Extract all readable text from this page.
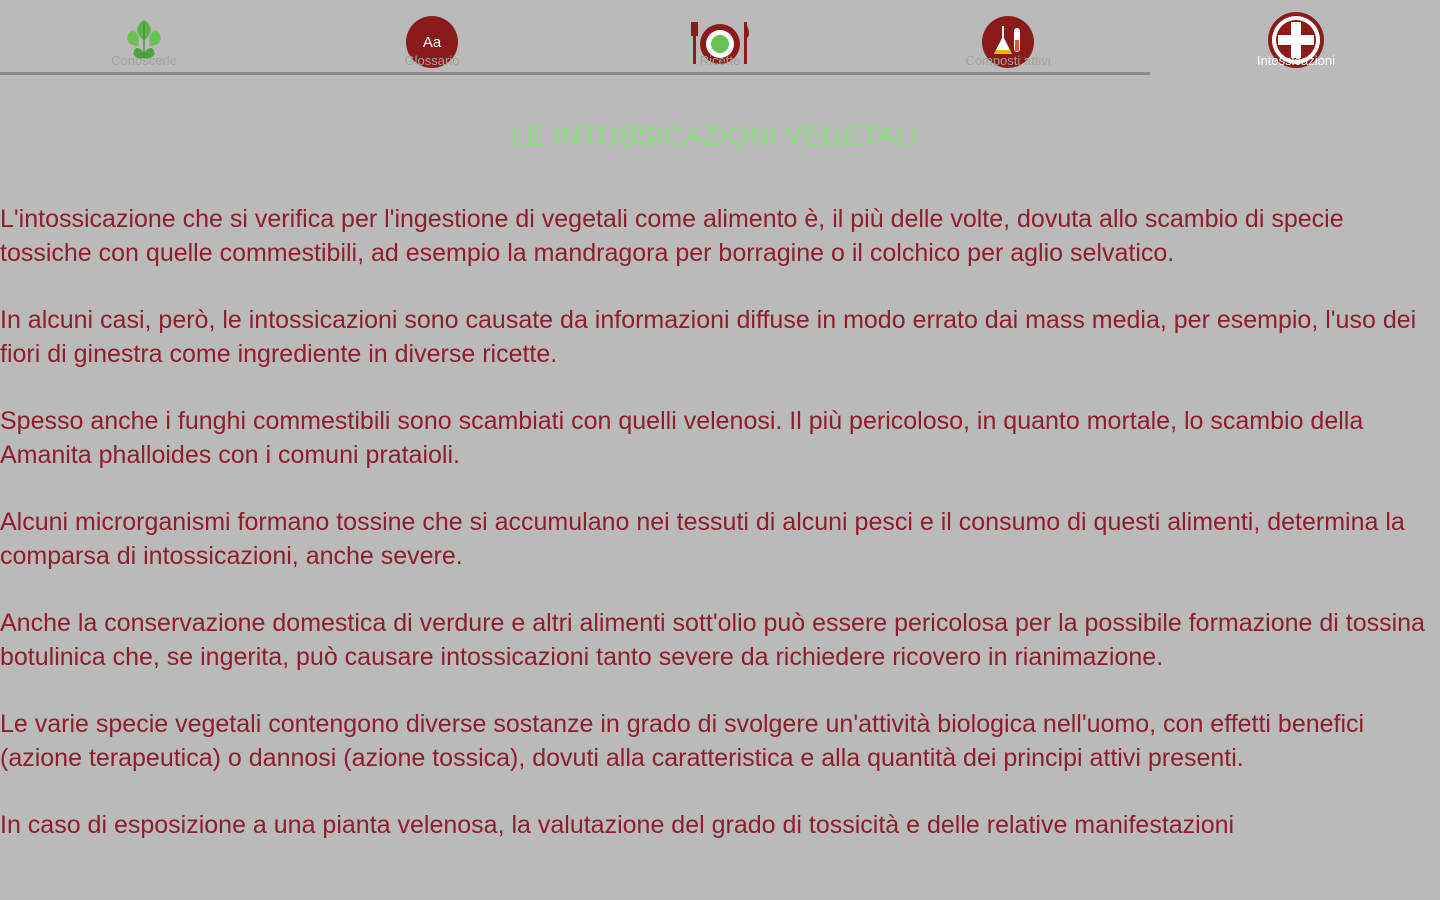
Conoscerle
Aa
Glossario	Ricette	Composti attivi	Intossicazioni
LE INTOSSICAZIONI VEGETALI

L'intossicazione che si verifica per l'ingestione di vegetali come alimento è, il più delle volte, dovuta allo scambio di specie tossiche con quelle commestibili, ad esempio la mandragora per borragine o il colchico per aglio selvatico.

In alcuni casi, però, le intossicazioni sono causate da informazioni diffuse in modo errato dai mass media, per esempio, l'uso dei fiori di ginestra come ingrediente in diverse ricette.

Spesso anche i funghi commestibili sono scambiati con quelli velenosi. Il più pericoloso, in quanto mortale, lo scambio della Amanita phalloides con i comuni prataioli.

Alcuni microrganismi formano tossine che si accumulano nei tessuti di alcuni pesci e il consumo di questi alimenti, determina la comparsa di intossicazioni, anche severe.

Anche la conservazione domestica di verdure e altri alimenti sott'olio può essere pericolosa per la possibile formazione di tossina botulinica che, se ingerita, può causare intossicazioni tanto severe da richiedere ricovero in rianimazione.

Le varie specie vegetali contengono diverse sostanze in grado di svolgere un'attività biologica nell'uomo, con effetti benefici (azione terapeutica) o dannosi (azione tossica), dovuti alla caratteristica e alla quantità dei principi attivi presenti.

In caso di esposizione a una pianta velenosa, la valutazione del grado di tossicità e delle relative manifestazioni
